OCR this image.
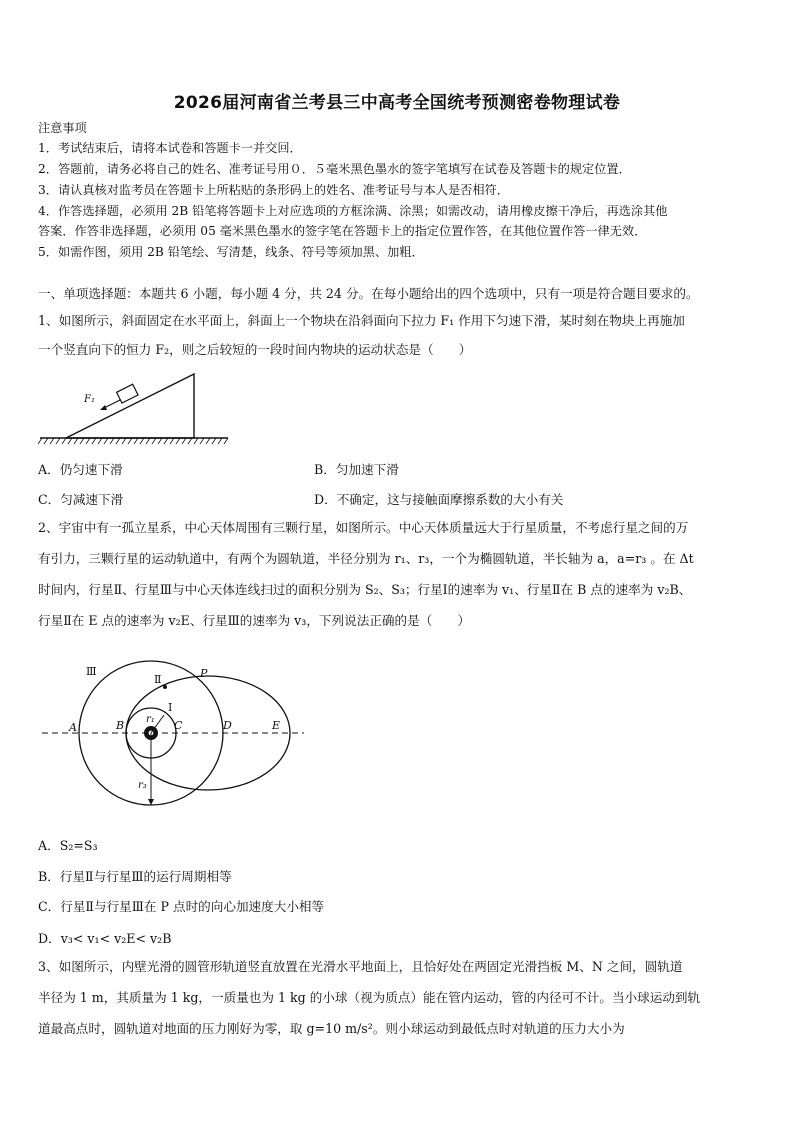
2026届河南省兰考县三中高考全国统考预测密卷物理试卷
注意事项
1．考试结束后，请将本试卷和答题卡一并交回．
2．答题前，请务必将自己的姓名、准考证号用０．５毫米黑色墨水的签字笔填写在试卷及答题卡的规定位置．
3．请认真核对监考员在答题卡上所粘贴的条形码上的姓名、准考证号与本人是否相符．
4．作答选择题，必须用 2B 铅笔将答题卡上对应选项的方框涂满、涂黑；如需改动，请用橡皮擦干净后，再选涂其他
答案．作答非选择题，必须用 05 毫米黑色墨水的签字笔在答题卡上的指定位置作答，在其他位置作答一律无效．
5．如需作图，须用 2B 铅笔绘、写清楚，线条、符号等须加黑、加粗．
一、单项选择题：本题共 6 小题，每小题 4 分，共 24 分。在每小题给出的四个选项中，只有一项是符合题目要求的。
1、如图所示，斜面固定在水平面上，斜面上一个物块在沿斜面向下拉力 F₁ 作用下匀速下滑，某时刻在物块上再施加
一个竖直向下的恒力 F₂，则之后较短的一段时间内物块的运动状态是（　　）
F₁
A．仍匀速下滑	B．匀加速下滑
C．匀减速下滑	D．不确定，这与接触面摩擦系数的大小有关
2、宇宙中有一孤立星系，中心天体周围有三颗行星，如图所示。中心天体质量远大于行星质量，不考虑行星之间的万
有引力，三颗行星的运动轨道中，有两个为圆轨道，半径分别为 r₁、r₃，一个为椭圆轨道，半长轴为 a，a=r₃ 。在 Δt
时间内，行星Ⅱ、行星Ⅲ与中心天体连线扫过的面积分别为 S₂、S₃；行星Ⅰ的速率为 v₁、行星Ⅱ在 B 点的速率为 v₂B、
行星Ⅱ在 E 点的速率为 v₂E、行星Ⅲ的速率为 v₃，下列说法正确的是（　　）
Ⅲ
Ⅱ
Ⅰ
P
A	B	C	D	E
r₁
r₃
A．S₂=S₃
B．行星Ⅱ与行星Ⅲ的运行周期相等
C．行星Ⅱ与行星Ⅲ在 P 点时的向心加速度大小相等
D．v₃< v₁< v₂E< v₂B
3、如图所示，内壁光滑的圆管形轨道竖直放置在光滑水平地面上，且恰好处在两固定光滑挡板 M、N 之间，圆轨道
半径为 1 m，其质量为 1 kg，一质量也为 1 kg 的小球（视为质点）能在管内运动，管的内径可不计。当小球运动到轨
道最高点时，圆轨道对地面的压力刚好为零，取 g=10 m/s²。则小球运动到最低点时对轨道的压力大小为
